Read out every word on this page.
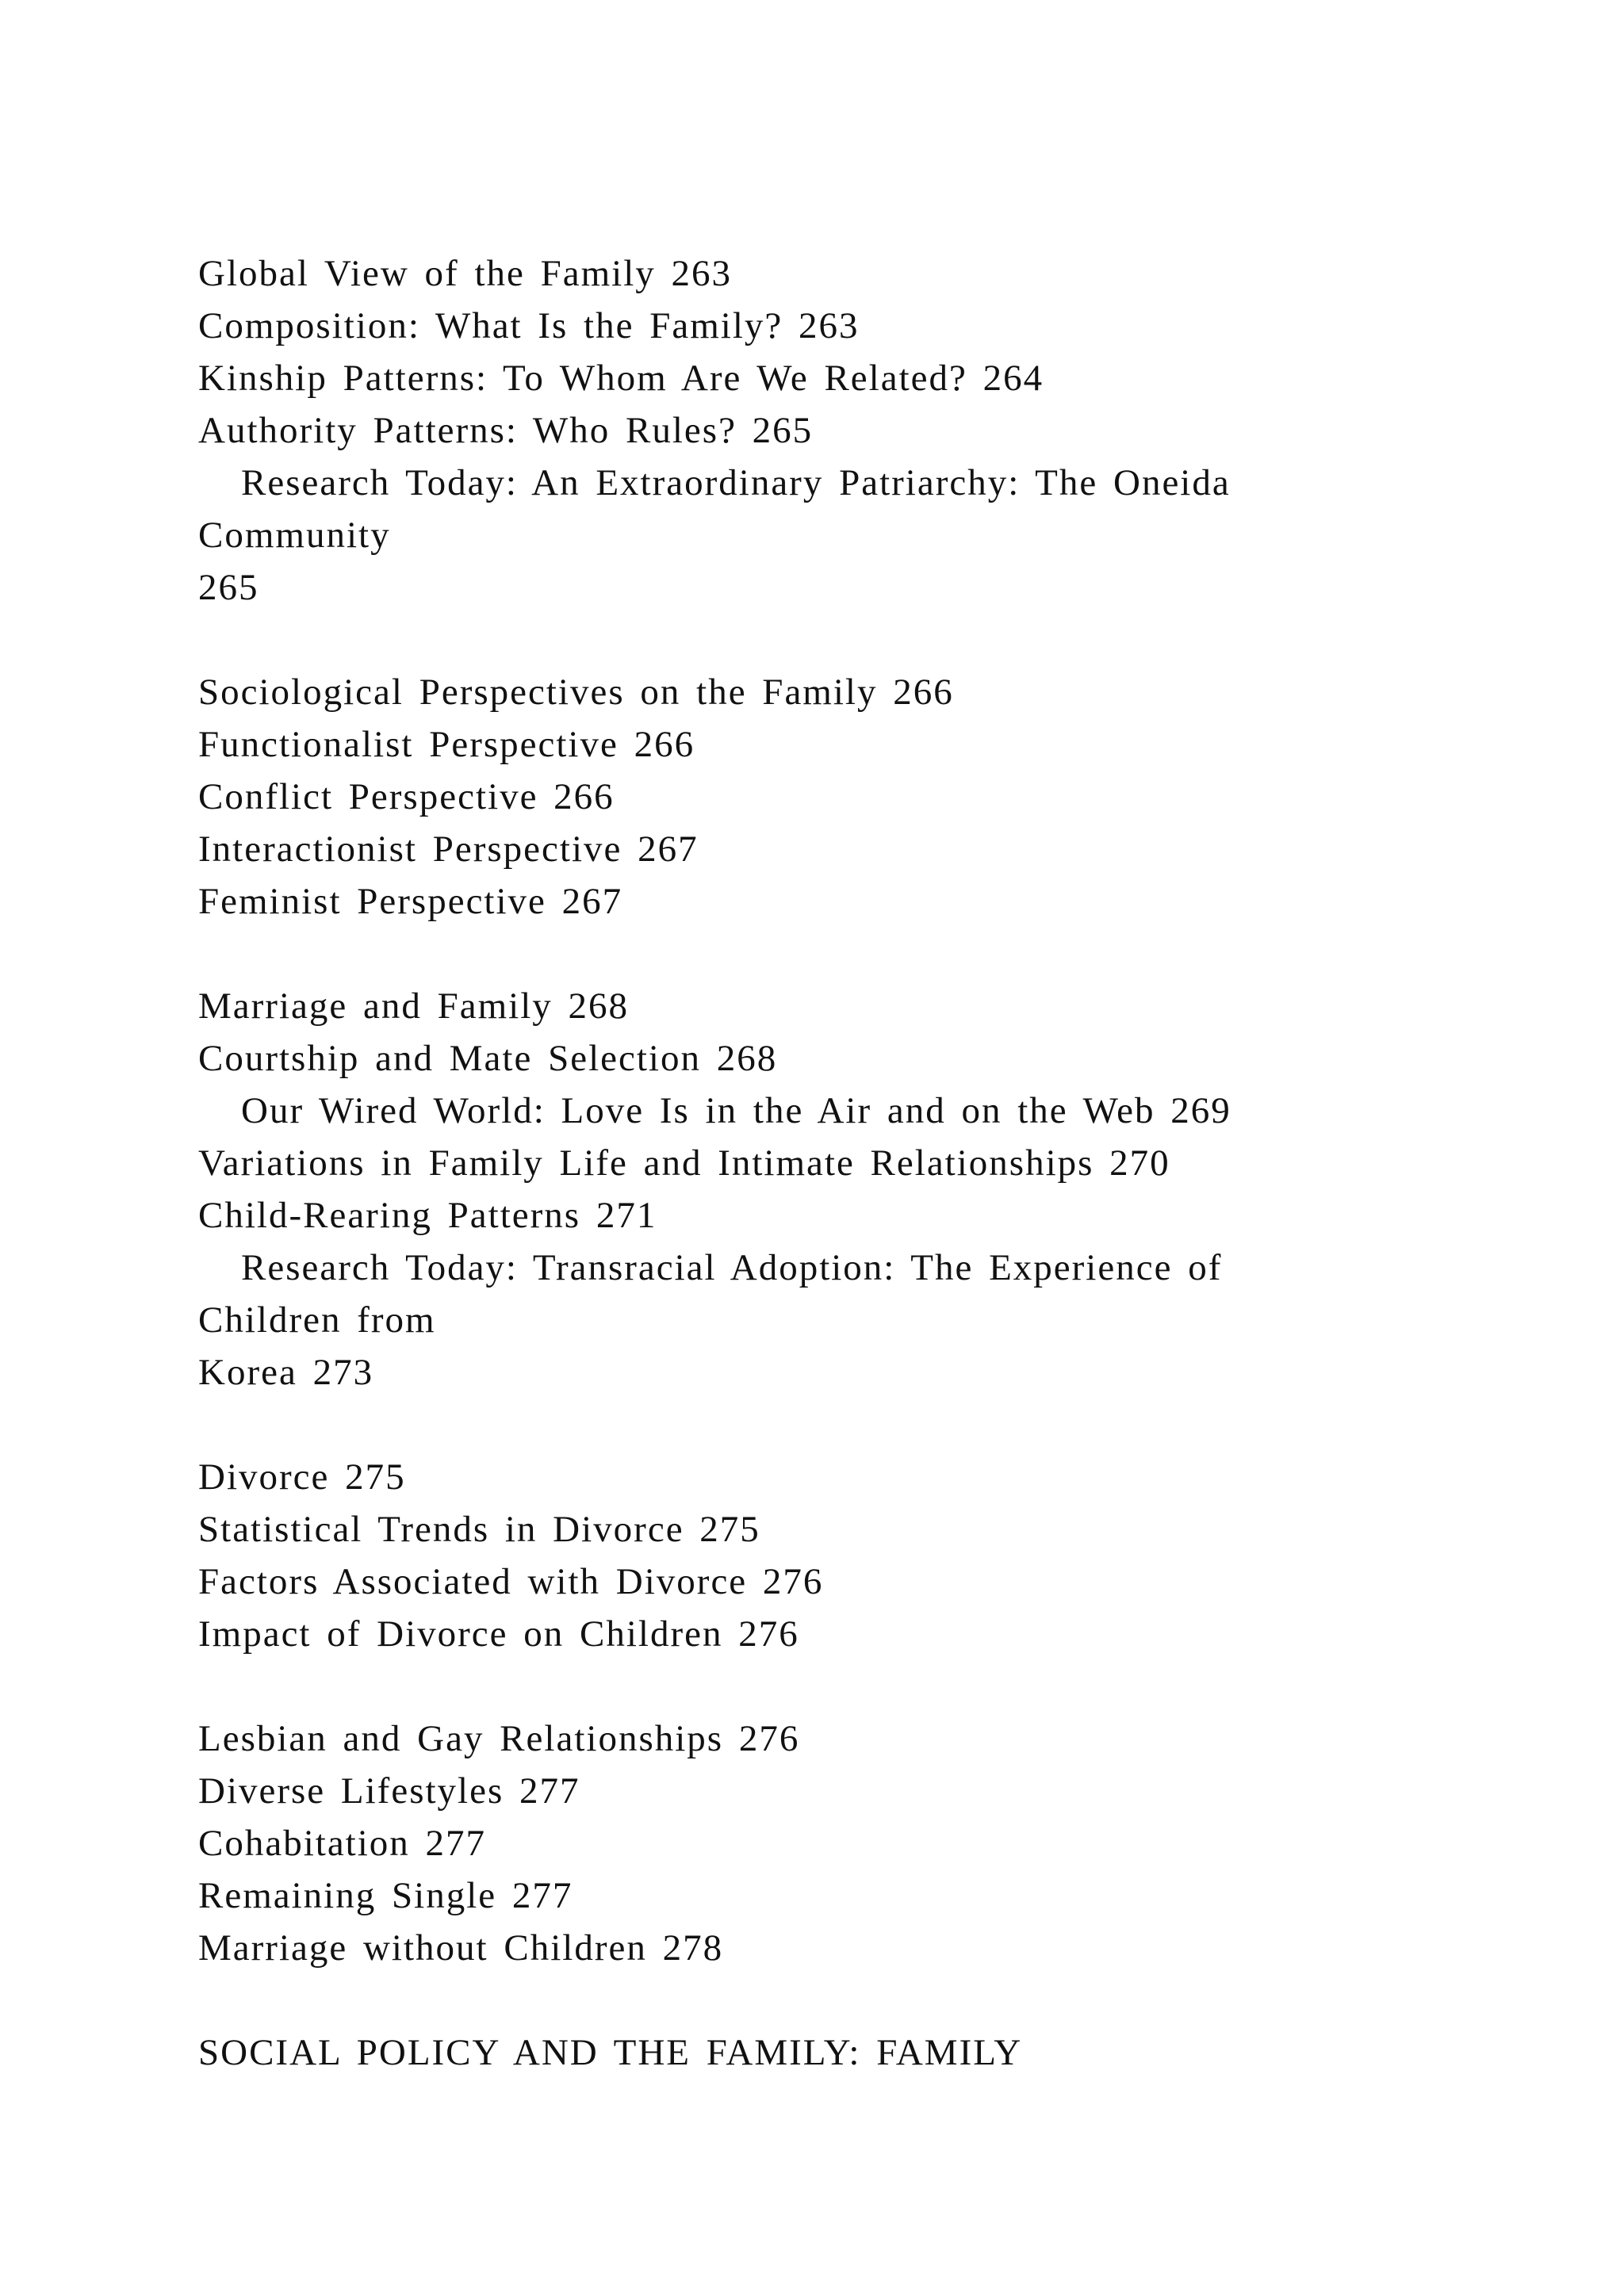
Global View of the Family 263
Composition: What Is the Family? 263
Kinship Patterns: To Whom Are We Related? 264
Authority Patterns: Who Rules? 265
Research Today: An Extraordinary Patriarchy: The Oneida
Community
265
Sociological Perspectives on the Family 266
Functionalist Perspective 266
Conflict Perspective 266
Interactionist Perspective 267
Feminist Perspective 267
Marriage and Family 268
Courtship and Mate Selection 268
Our Wired World: Love Is in the Air and on the Web 269
Variations in Family Life and Intimate Relationships 270
Child-Rearing Patterns 271
Research Today: Transracial Adoption: The Experience of
Children from
Korea 273
Divorce 275
Statistical Trends in Divorce 275
Factors Associated with Divorce 276
Impact of Divorce on Children 276
Lesbian and Gay Relationships 276
Diverse Lifestyles 277
Cohabitation 277
Remaining Single 277
Marriage without Children 278
SOCIAL POLICY AND THE FAMILY: FAMILY
